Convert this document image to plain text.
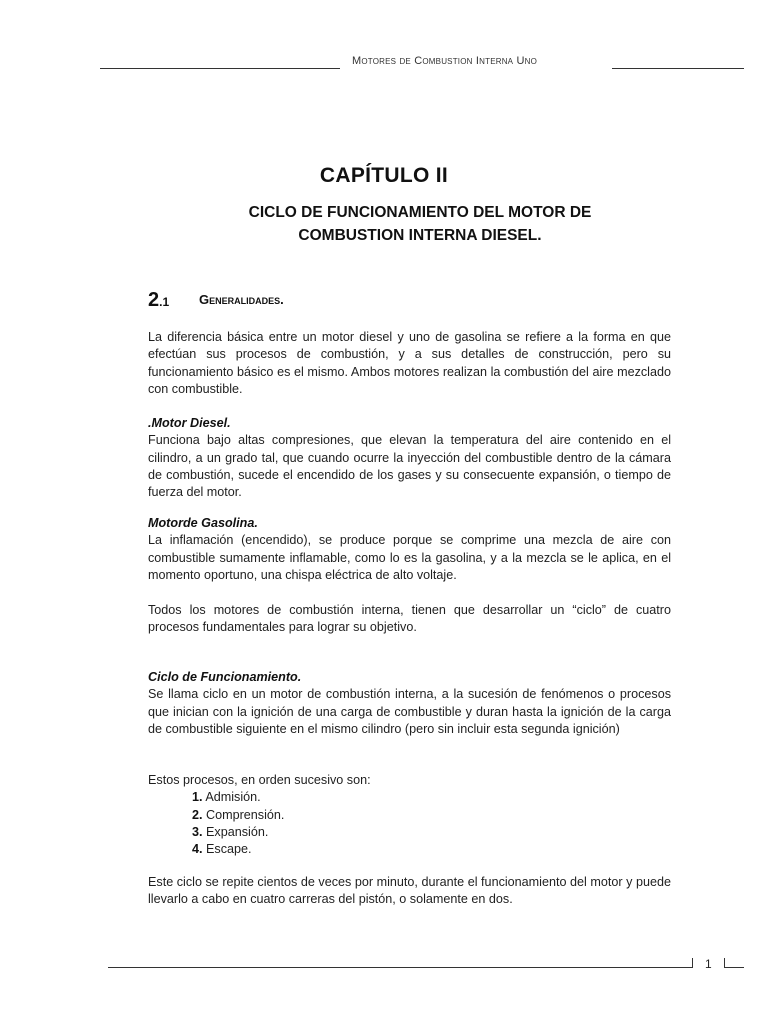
Motores de Combustion Interna Uno
CAPÍTULO II
CICLO DE FUNCIONAMIENTO DEL MOTOR DE
COMBUSTION INTERNA DIESEL.
2.1 Generalidades.

La diferencia básica entre un motor diesel y uno de gasolina se refiere a la forma en que efectúan sus procesos de combustión, y a sus detalles de construcción, pero su funcionamiento básico es el mismo. Ambos motores realizan la combustión del aire mezclado con combustible.

.Motor Diesel.

Funciona bajo altas compresiones, que elevan la temperatura del aire contenido en el cilindro, a un grado tal, que cuando ocurre la inyección del combustible dentro de la cámara de combustión, sucede el encendido de los gases y su consecuente expansión, o tiempo de fuerza del motor.

Motorde Gasolina.

La inflamación (encendido), se produce porque se comprime una mezcla de aire con combustible sumamente inflamable, como lo es la gasolina, y a la mezcla se le aplica, en el momento oportuno, una chispa eléctrica de alto voltaje.

Todos los motores de combustión interna, tienen que desarrollar un “ciclo” de cuatro procesos fundamentales para lograr su objetivo.

Ciclo de Funcionamiento.

Se llama ciclo en un motor de combustión interna, a la sucesión de fenómenos o procesos que inician con la ignición de una carga de combustible y duran hasta la ignición de la carga de combustible siguiente en el mismo cilindro (pero sin incluir esta segunda ignición)

Estos procesos, en orden sucesivo son:
1. Admisión.
2. Comprensión.
3. Expansión.
4. Escape.

Este ciclo se repite cientos de veces por minuto, durante el funcionamiento del motor y puede llevarlo a cabo en cuatro carreras del pistón, o solamente en dos.

1
